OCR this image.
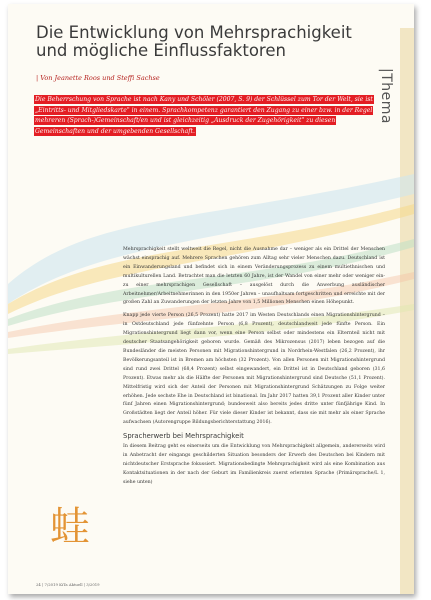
|Thema
Die Entwicklung von Mehrsprachigkeit und mögliche Einflussfaktoren
| Von Jeanette Roos und Steffi Sachse
Die Beherrschung von Sprache ist nach Kany und Schöler (2007, S. 9) der Schlüssel zum Tor der Welt, sie ist „Eintritts- und Mitgliedskarte" in einem. Sprachkompetenz garantiert den Zugang zu einer bzw. in der Regel mehreren (Sprach-)Gemeinschaft/en und ist gleichzeitig „Ausdruck der Zugehörigkeit" zu diesen Gemeinschaften und der umgebenden Gesellschaft.

Mehrsprachigkeit stellt weltweit die Regel, nicht die Ausnahme dar – weniger als ein Drittel der Menschen wächst einsprachig auf. Mehrere Sprachen gehören zum Alltag sehr vieler Menschen dazu. Deutschland ist ein Einwanderungsland und befindet sich in einem Veränderungsprozess zu einem multiethnischen und multikulturellen Land. Betrachtet man die letzten 60 Jahre, ist der Wandel von einer mehr oder weniger ein- zu einer mehrsprachigen Gesellschaft – ausgelöst durch die Anwerbung ausländischer Arbeitnehmer/Arbeitnehmerinnen in den 1950er Jahren – unaufhaltsam fortgeschritten und erreichte mit der großen Zahl an Zuwanderungen der letzten Jahre von 1,5 Millionen Menschen einen Höhepunkt.

Knapp jede vierte Person (26,5 Prozent) hatte 2017 im Westen Deutschlands einen Migrationshintergrund – in Ostdeutschland jede fünfzehnte Person (6,8 Prozent), deutschlandweit jede fünfte Person. Ein Migrationshintergrund liegt dann vor, wenn eine Person selbst oder mindestens ein Elternteil nicht mit deutscher Staatsangehörigkeit geboren wurde. Gemäß des Mikrozensus (2017) leben bezogen auf die Bundesländer die meisten Personen mit Migrationshintergrund in Nordrhein-Westfalen (26,2 Prozent), ihr Bevölkerungsanteil ist in Bremen am höchsten (32 Prozent). Von allen Personen mit Migrationshintergrund sind rund zwei Drittel (68,4 Prozent) selbst eingewandert, ein Drittel ist in Deutschland geboren (31,6 Prozent). Etwas mehr als die Hälfte der Personen mit Migrationshintergrund sind Deutsche (51,1 Prozent). Mittelfristig wird sich der Anteil der Personen mit Migrationshintergrund Schätzungen zu Folge weiter erhöhen. Jede sechste Ehe in Deutschland ist binational. Im Jahr 2017 hatten 39,1 Prozent aller Kinder unter fünf Jahren einen Migrationshintergrund; bundesweit also bereits jedes dritte unter fünfjährige Kind. In Großstädten liegt der Anteil höher. Für viele dieser Kinder ist bekannt, dass sie mit mehr als einer Sprache aufwachsen (Autorengruppe Bildungsberichterstattung 2016).

Spracherwerb bei Mehrsprachigkeit

In diesem Beitrag geht es einerseits um die Entwicklung von Mehrsprachigkeit allgemein, andererseits wird in Anbetracht der eingangs geschilderten Situation besonders der Erwerb des Deutschen bei Kindern mit nichtdeutscher Erstsprache fokussiert. Migrationsbedingte Mehrsprachigkeit wird als eine Kombination aus Kontaktsituationen in der nach der Geburt im Familienkreis zuerst erlernten Sprache (Primärsprache/L 1, siehe unten)

蛙
24 | 7/2019 KiTa Aktuell | 3/2019
